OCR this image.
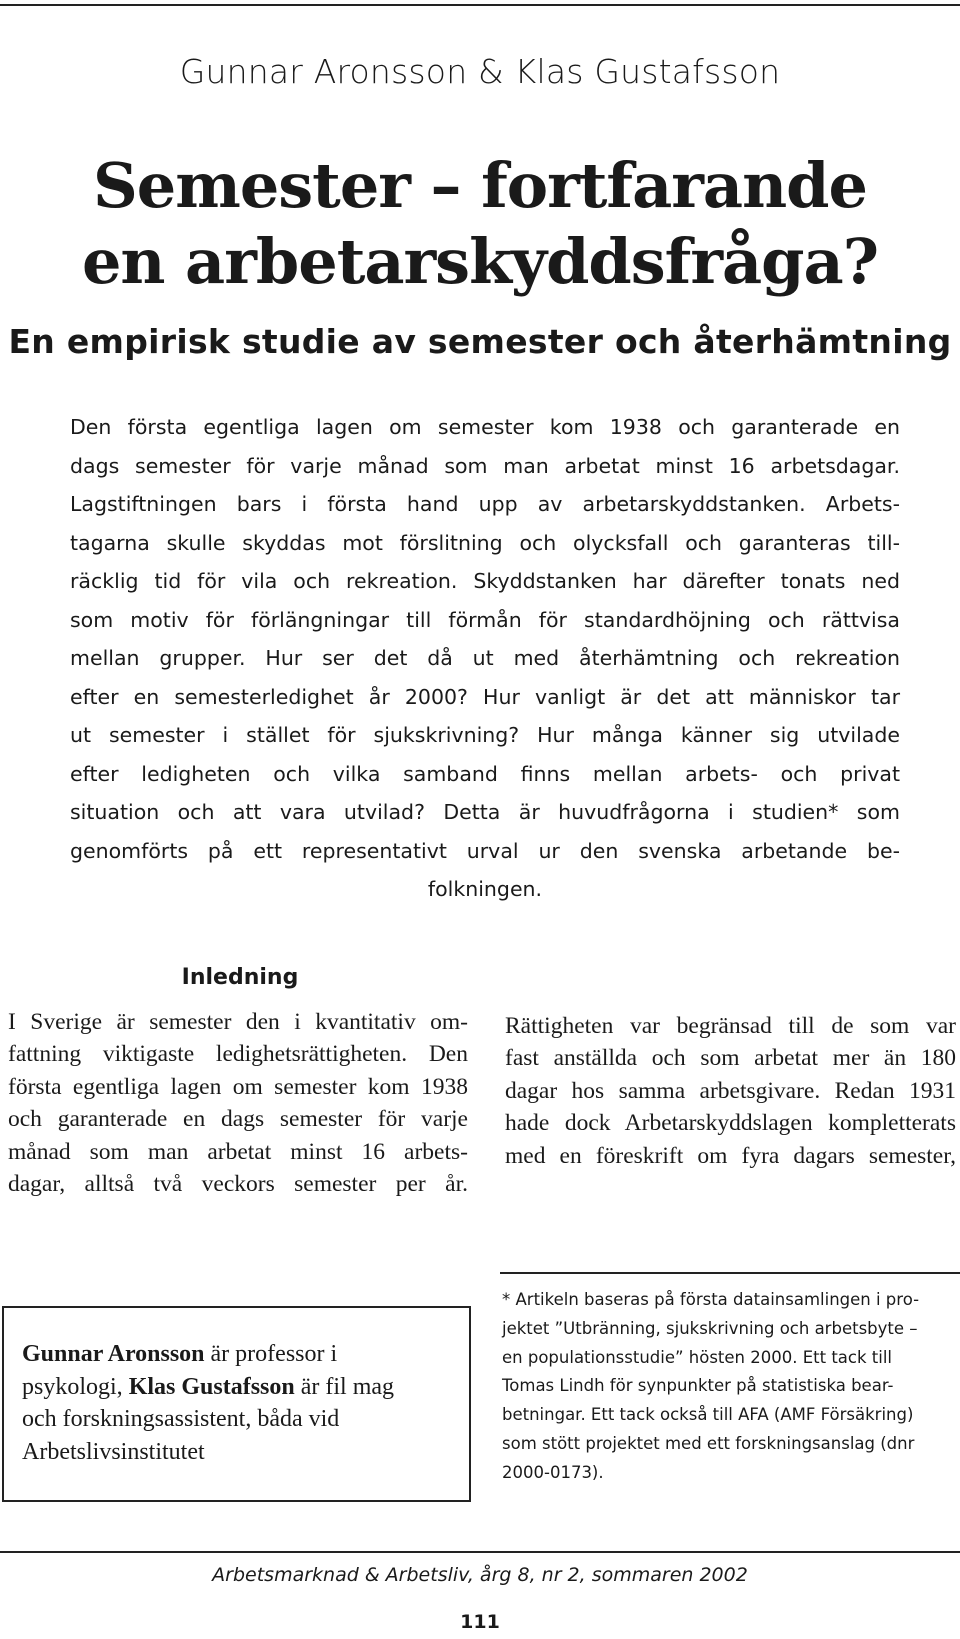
Gunnar Aronsson & Klas Gustafsson
Semester – fortfarande
en arbetarskyddsfråga?
En empirisk studie av semester och återhämtning
Den första egentliga lagen om semester kom 1938 och garanterade en
dags semester för varje månad som man arbetat minst 16 arbetsdagar.
Lagstiftningen bars i första hand upp av arbetarskyddstanken. Arbets-
tagarna skulle skyddas mot förslitning och olycksfall och garanteras till-
räcklig tid för vila och rekreation. Skyddstanken har därefter tonats ned
som motiv för förlängningar till förmån för standardhöjning och rättvisa
mellan grupper. Hur ser det då ut med återhämtning och rekreation
efter en semesterledighet år 2000? Hur vanligt är det att människor tar
ut semester i stället för sjukskrivning? Hur många känner sig utvilade
efter ledigheten och vilka samband finns mellan arbets- och privat
situation och att vara utvilad? Detta är huvudfrågorna i studien* som
genomförts på ett representativt urval ur den svenska arbetande be-
folkningen.
Inledning
I Sverige är semester den i kvantitativ om-
fattning viktigaste ledighetsrättigheten. Den
första egentliga lagen om semester kom 1938
och garanterade en dags semester för varje
månad som man arbetat minst 16 arbets-
dagar, alltså två veckors semester per år.
Rättigheten var begränsad till de som var
fast anställda och som arbetat mer än 180
dagar hos samma arbetsgivare. Redan 1931
hade dock Arbetarskyddslagen kompletterats
med en föreskrift om fyra dagars semester,
Gunnar Aronsson är professor i
psykologi, Klas Gustafsson är fil mag
och forskningsassistent, båda vid
Arbetslivsinstitutet
* Artikeln baseras på första datainsamlingen i pro-
jektet ”Utbränning, sjukskrivning och arbetsbyte –
en populationsstudie” hösten 2000. Ett tack till
Tomas Lindh för synpunkter på statistiska bear-
betningar. Ett tack också till AFA (AMF Försäkring)
som stött projektet med ett forskningsanslag (dnr
2000-0173).
Arbetsmarknad & Arbetsliv, årg 8, nr 2, sommaren 2002
111
